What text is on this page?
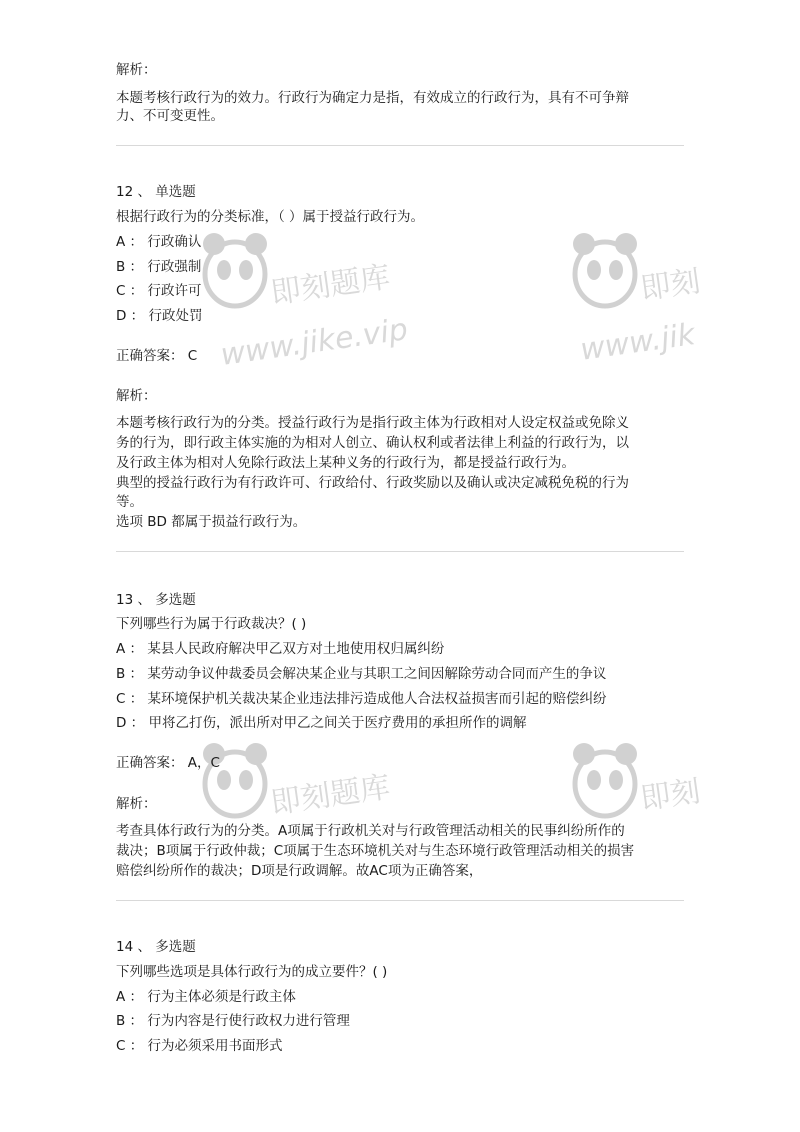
即刻题库
www.jike.vip
即刻
www.jik
即刻题库	即刻
解析：
本题考核行政行为的效力。行政行为确定力是指，有效成立的行政行为，具有不可争辩
力、不可变更性。
12 、 单选题
根据行政行为的分类标准，（ ）属于授益行政行为。
A ： 行政确认
B ： 行政强制
C ： 行政许可
D ： 行政处罚
正确答案： C
解析：
本题考核行政行为的分类。授益行政行为是指行政主体为行政相对人设定权益或免除义
务的行为，即行政主体实施的为相对人创立、确认权利或者法律上利益的行政行为，以
及行政主体为相对人免除行政法上某种义务的行政行为，都是授益行政行为。
典型的授益行政行为有行政许可、行政给付、行政奖励以及确认或决定减税免税的行为
等。
选项 BD 都属于损益行政行为。
13 、 多选题
下列哪些行为属于行政裁决？( )
A ： 某县人民政府解决甲乙双方对土地使用权归属纠纷
B ： 某劳动争议仲裁委员会解决某企业与其职工之间因解除劳动合同而产生的争议
C ： 某环境保护机关裁决某企业违法排污造成他人合法权益损害而引起的赔偿纠纷
D ： 甲将乙打伤，派出所对甲乙之间关于医疗费用的承担所作的调解
正确答案： A，C
解析：
考查具体行政行为的分类。A项属于行政机关对与行政管理活动相关的民事纠纷所作的
裁决；B项属于行政仲裁；C项属于生态环境机关对与生态环境行政管理活动相关的损害
赔偿纠纷所作的裁决；D项是行政调解。故AC项为正确答案，
14 、 多选题
下列哪些选项是具体行政行为的成立要件？( )
A ： 行为主体必须是行政主体
B ： 行为内容是行使行政权力进行管理
C ： 行为必须采用书面形式
